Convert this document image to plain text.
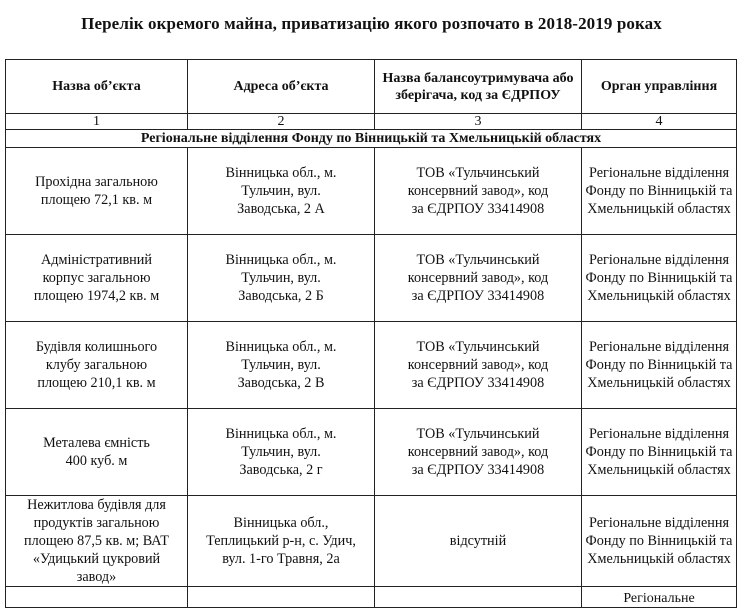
Перелік окремого майна, приватизацію якого розпочато в 2018-2019 роках
Назва об’єкта	Адреса об’єкта	Назва балансоутримувача або зберігача, код за ЄДРПОУ	Орган управління
1	2	3	4
Регіональне відділення Фонду по Вінницькій та Хмельницькій областях			
Прохідна загальною площею 72,1 кв. м	Вінницька обл., м. Тульчин, вул. Заводська, 2 А	ТОВ «Тульчинський консервний завод», код за ЄДРПОУ 33414908	Регіональне відділення Фонду по Вінницькій та Хмельницькій областях
Адміністративний корпус загальною площею 1974,2 кв. м	Вінницька обл., м. Тульчин, вул. Заводська, 2 Б	ТОВ «Тульчинський консервний завод», код за ЄДРПОУ 33414908	Регіональне відділення Фонду по Вінницькій та Хмельницькій областях
Будівля колишнього клубу загальною площею 210,1 кв. м	Вінницька обл., м. Тульчин, вул. Заводська, 2 В	ТОВ «Тульчинський консервний завод», код за ЄДРПОУ 33414908	Регіональне відділення Фонду по Вінницькій та Хмельницькій областях
Металева ємність 400 куб. м	Вінницька обл., м. Тульчин, вул. Заводська, 2 г	ТОВ «Тульчинський консервний завод», код за ЄДРПОУ 33414908	Регіональне відділення Фонду по Вінницькій та Хмельницькій областях
Нежитлова будівля для продуктів загальною площею 87,5 кв. м; ВАТ «Удицький цукровий завод»	Вінницька обл., Теплицький р-н, с. Удич, вул. 1-го Травня, 2а	відсутній	Регіональне відділення Фонду по Вінницькій та Хмельницькій областях

			Регіональне
